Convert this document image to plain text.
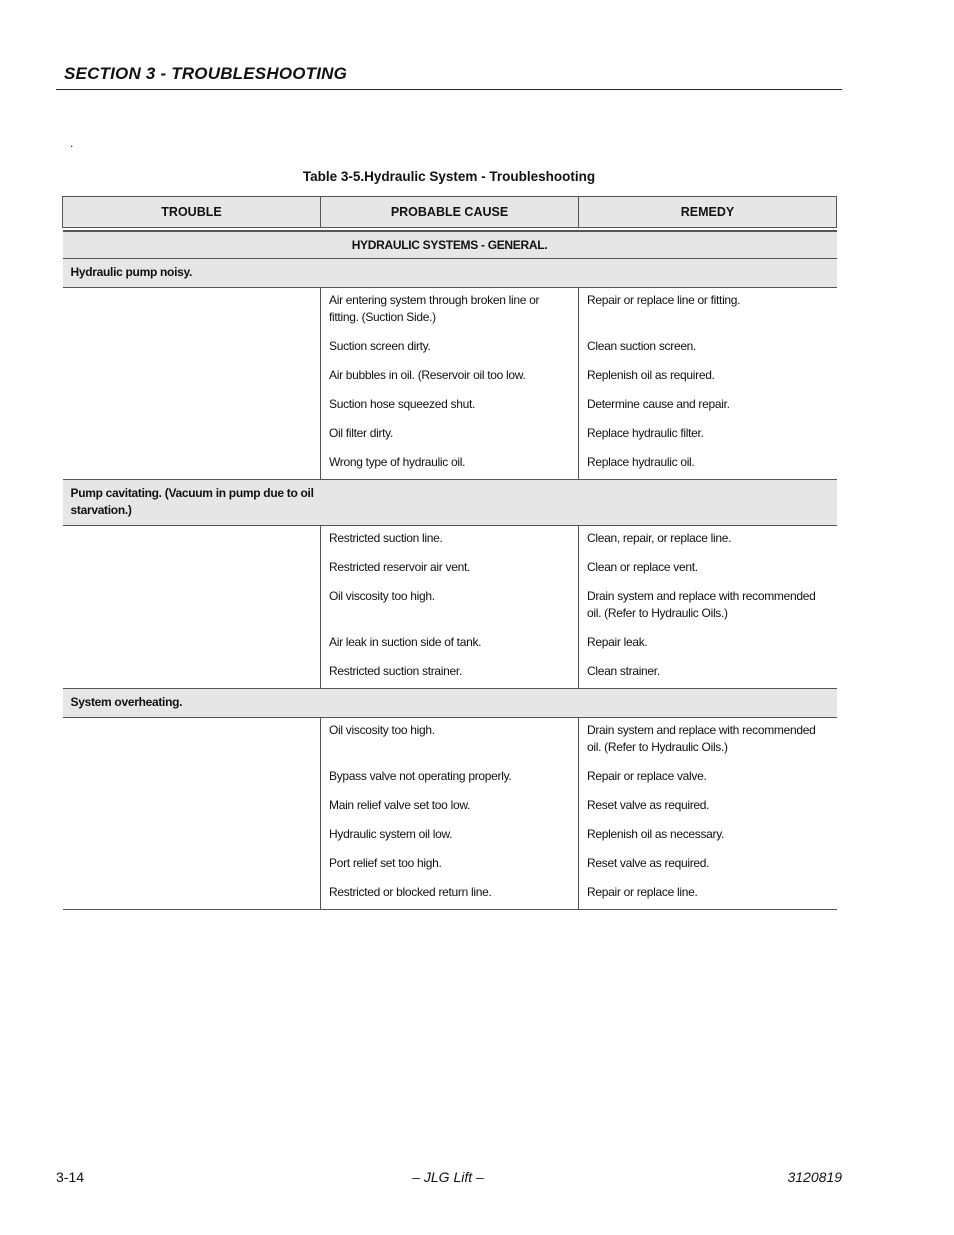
SECTION 3 - TROUBLESHOOTING
.
Table 3-5.Hydraulic System - Troubleshooting
TROUBLE	PROBABLE CAUSE	REMEDY

HYDRAULIC SYSTEMS - GENERAL.		

Hydraulic pump noisy.		

	Air entering system through broken line or fitting. (Suction Side.)	Repair or replace line or fitting.
	Suction screen dirty.	Clean suction screen.
	Air bubbles in oil. (Reservoir oil too low.	Replenish oil as required.
	Suction hose squeezed shut.	Determine cause and repair.
	Oil filter dirty.	Replace hydraulic filter.
	Wrong type of hydraulic oil.	Replace hydraulic oil.

Pump cavitating. (Vacuum in pump due to oil starvation.)		

	Restricted suction line.	Clean, repair, or replace line.
	Restricted reservoir air vent.	Clean or replace vent.
	Oil viscosity too high.	Drain system and replace with recommended oil. (Refer to Hydraulic Oils.)
	Air leak in suction side of tank.	Repair leak.
	Restricted suction strainer.	Clean strainer.

System overheating.		

	Oil viscosity too high.	Drain system and replace with recommended oil. (Refer to Hydraulic Oils.)
	Bypass valve not operating properly.	Repair or replace valve.
	Main relief valve set too low.	Reset valve as required.
	Hydraulic system oil low.	Replenish oil as necessary.
	Port relief set too high.	Reset valve as required.
	Restricted or blocked return line.	Repair or replace line.
3-14	– JLG Lift –	3120819
